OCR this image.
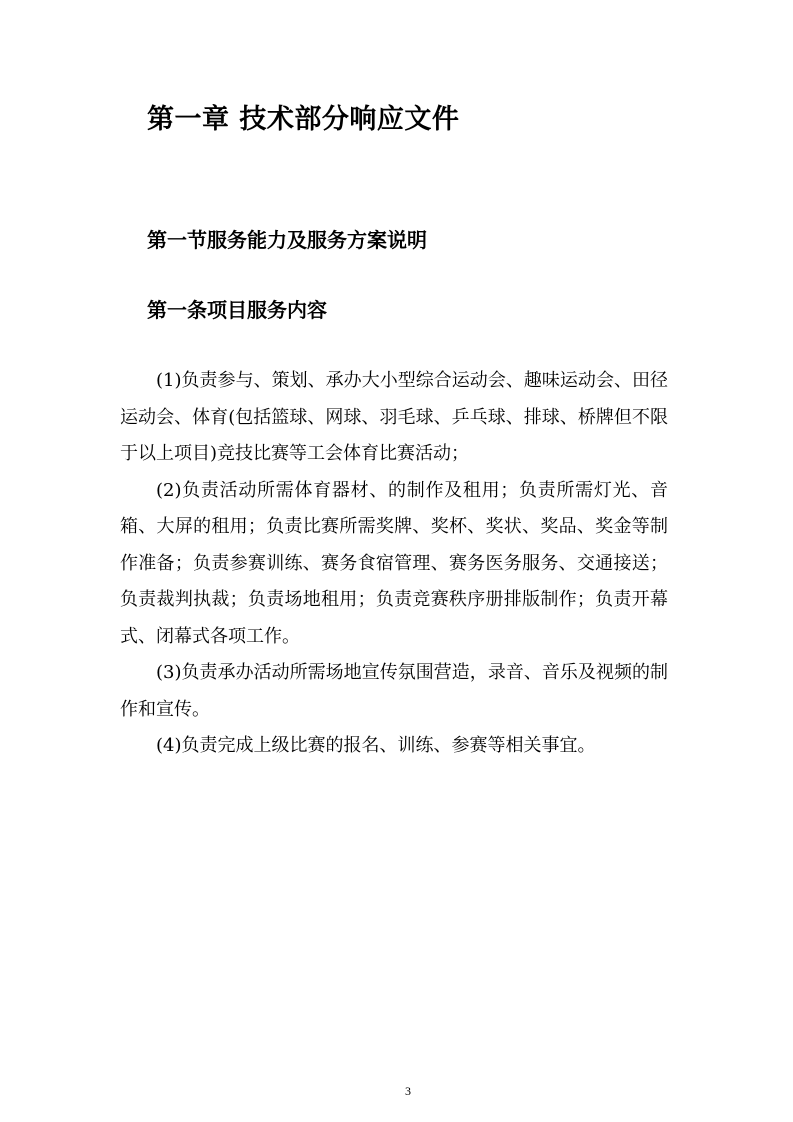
第一章 技术部分响应文件
第一节服务能力及服务方案说明
第一条项目服务内容

(1)负责参与、策划、承办大小型综合运动会、趣味运动会、田径运动会、体育(包括篮球、网球、羽毛球、乒乓球、排球、桥牌但不限于以上项目)竞技比赛等工会体育比赛活动；

(2)负责活动所需体育器材、的制作及租用；负责所需灯光、音箱、大屏的租用；负责比赛所需奖牌、奖杯、奖状、奖品、奖金等制作准备；负责参赛训练、赛务食宿管理、赛务医务服务、交通接送；负责裁判执裁；负责场地租用；负责竞赛秩序册排版制作；负责开幕式、闭幕式各项工作。

(3)负责承办活动所需场地宣传氛围营造，录音、音乐及视频的制作和宣传。

(4)负责完成上级比赛的报名、训练、参赛等相关事宜。

3
